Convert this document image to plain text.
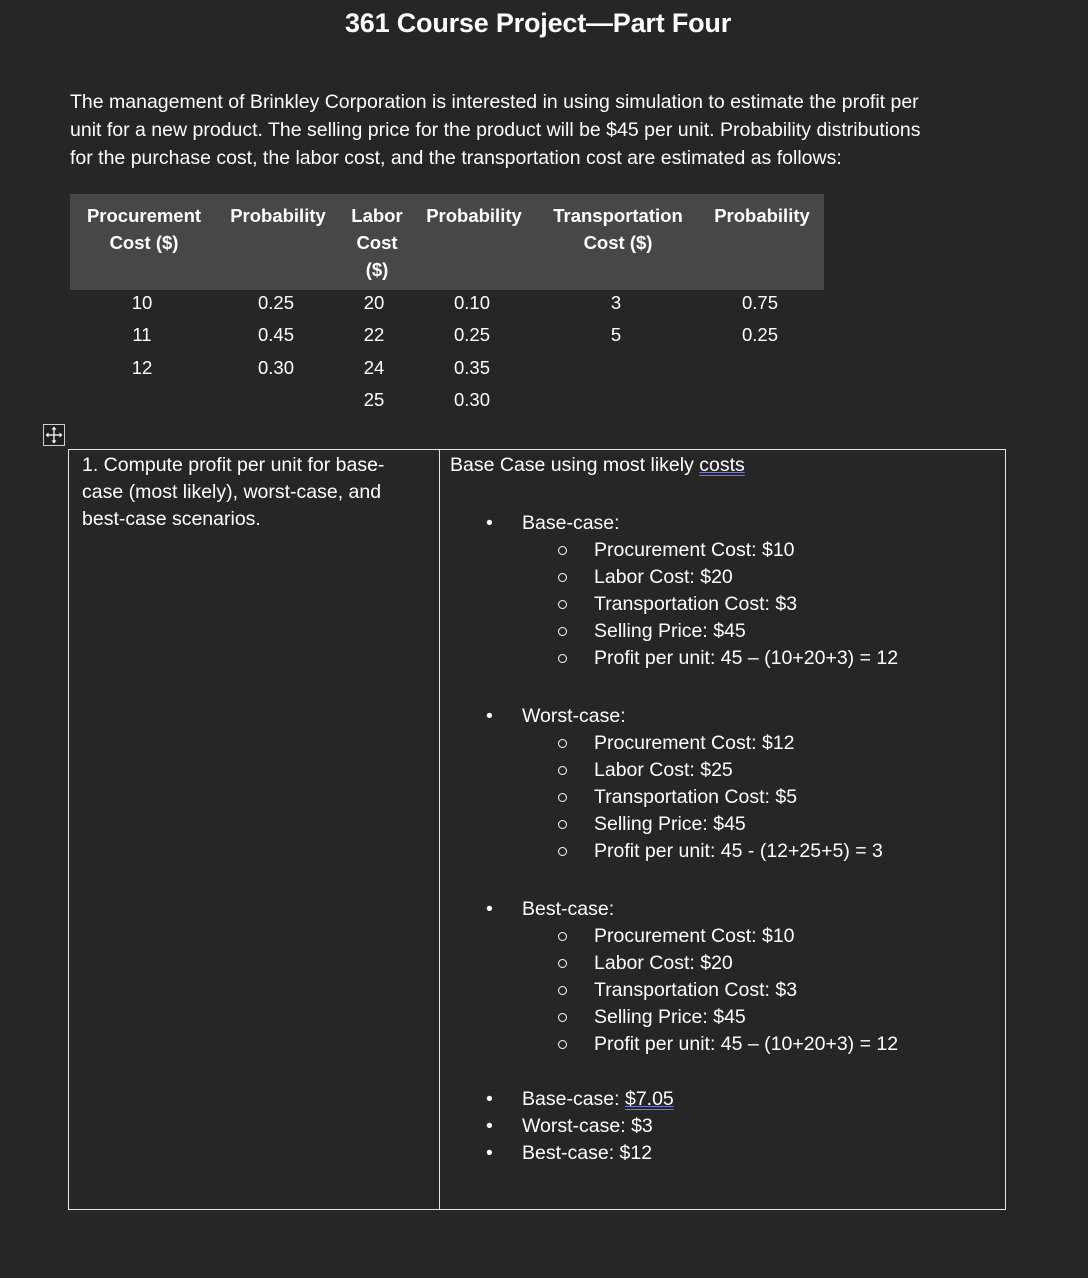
361 Course Project—Part Four

The management of Brinkley Corporation is interested in using simulation to estimate the profit per

unit for a new product. The selling price for the product will be $45 per unit. Probability distributions

for the purchase cost, the labor cost, and the transportation cost are estimated as follows:

Procurement
Cost ($)
Probability	Labor
Cost
($)
Probability	Transportation
Cost ($)
Probability
10
11
12
0.25
0.45
0.30
20
22
24
25
0.10
0.25
0.35
0.30
3
5
0.75
0.25

1. Compute profit per unit for base-

case (most likely), worst-case, and

best-case scenarios.

Base Case using most likely costs
• Base-case:
Procurement Cost: $10
Labor Cost: $20
Transportation Cost: $3
Selling Price: $45
Profit per unit: 45 – (10+20+3) = 12
• Worst-case:
Procurement Cost: $12
Labor Cost: $25
Transportation Cost: $5
Selling Price: $45
Profit per unit: 45 - (12+25+5) = 3
• Best-case:
Procurement Cost: $10
Labor Cost: $20
Transportation Cost: $3
Selling Price: $45
Profit per unit: 45 – (10+20+3) = 12
• Base-case: $7.05
• Worst-case: $3
• Best-case: $12
